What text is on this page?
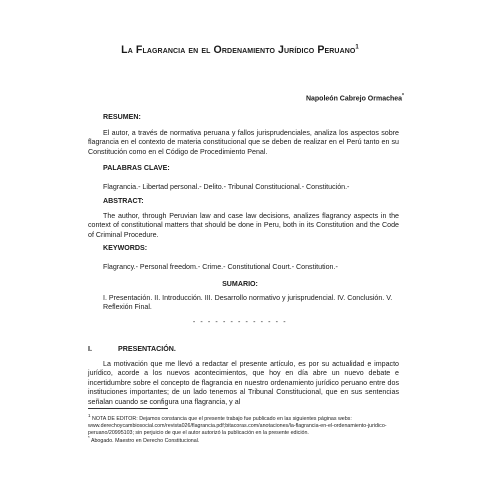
La Flagrancia en el Ordenamiento Jurídico Peruano$^1$
Napoleón Cabrejo Ormachea*
RESUMEN:
El autor, a través de normativa peruana y fallos jurisprudenciales, analiza los aspectos sobre flagrancia en el contexto de materia constitucional que se deben de realizar en el Perú tanto en su Constitución como en el Código de Procedimiento Penal.
PALABRAS CLAVE:
Flagrancia.- Libertad personal.- Delito.- Tribunal Constitucional.- Constitución.-
ABSTRACT:
The author, through Peruvian law and case law decisions, analizes flagrancy aspects in the context of constitutional matters that should be done in Peru, both in its Constitution and the Code of Criminal Procedure.
KEYWORDS:
Flagrancy.- Personal freedom.- Crime.- Constitutional Court.- Constitution.-
SUMARIO:
I. Presentación. II. Introducción. III. Desarrollo normativo y jurisprudencial. IV. Conclusión. V. Reflexión Final.
- - - - - - - - - - - - -
I.	PRESENTACIÓN.
La motivación que me llevó a redactar el presente artículo, es por su actualidad e impacto jurídico, acorde a los nuevos acontecimientos, que hoy en día abre un nuevo debate e incertidumbre sobre el concepto de flagrancia en nuestro ordenamiento jurídico peruano entre dos instituciones importantes; de un lado tenemos al Tribunal Constitucional, que en sus sentencias señalan cuando se configura una flagrancia, y al
$^1$ NOTA DE EDITOR: Dejamos constancia que el presente trabajo fue publicado en las siguientes páginas webs: www.derechoycambiosocial.com/revista026/flagrancia.pdf;bitacoras.com/anotaciones/la-flagrancia-en-el-ordenamiento-juridico-peruano/20995103; sin perjuicio de que el autor autorizó la publicación en la presente edición.
* Abogado. Maestro en Derecho Constitucional.
